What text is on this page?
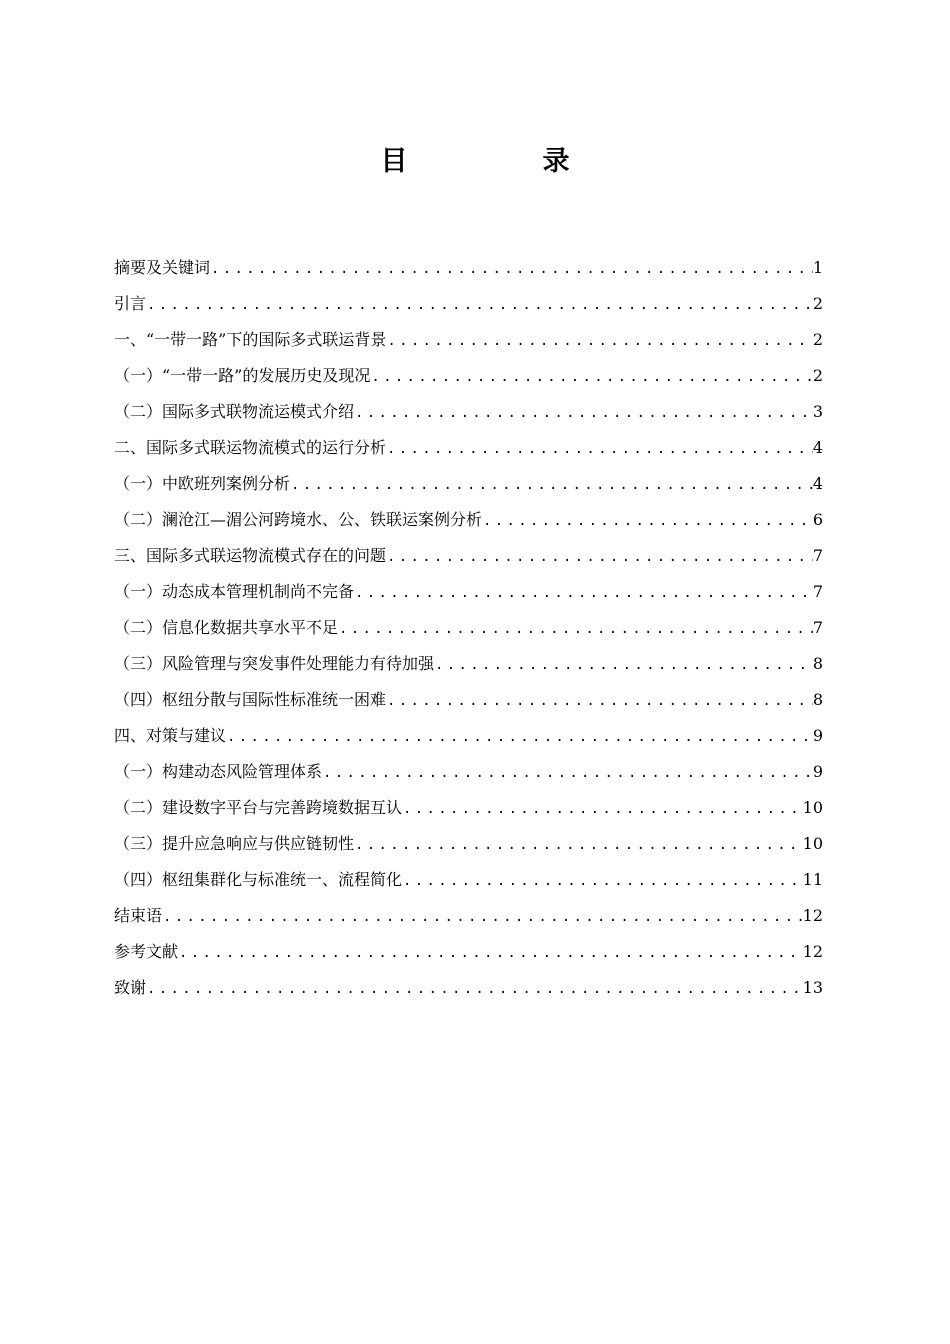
目　录
摘要及关键词 .....	1
引言 .....	2
一、“一带一路”下的国际多式联运背景 .....	2
（一）“一带一路”的发展历史及现况 .....	2
（二）国际多式联物流运模式介绍 .....	3
二、国际多式联运物流模式的运行分析 .....	4
（一）中欧班列案例分析 .....	4
（二）澜沧江—湄公河跨境水、公、铁联运案例分析 .....	6
三、国际多式联运物流模式存在的问题 .....	7
（一）动态成本管理机制尚不完备 .....	7
（二）信息化数据共享水平不足 .....	7
（三）风险管理与突发事件处理能力有待加强 .....	8
（四）枢纽分散与国际性标准统一困难 .....	8
四、对策与建议 .....	9
（一）构建动态风险管理体系 .....	9
（二）建设数字平台与完善跨境数据互认 .....	10
（三）提升应急响应与供应链韧性 .....	10
（四）枢纽集群化与标准统一、流程简化 .....	11
结束语 .....	12
参考文献 .....	12
致谢 .....	13
